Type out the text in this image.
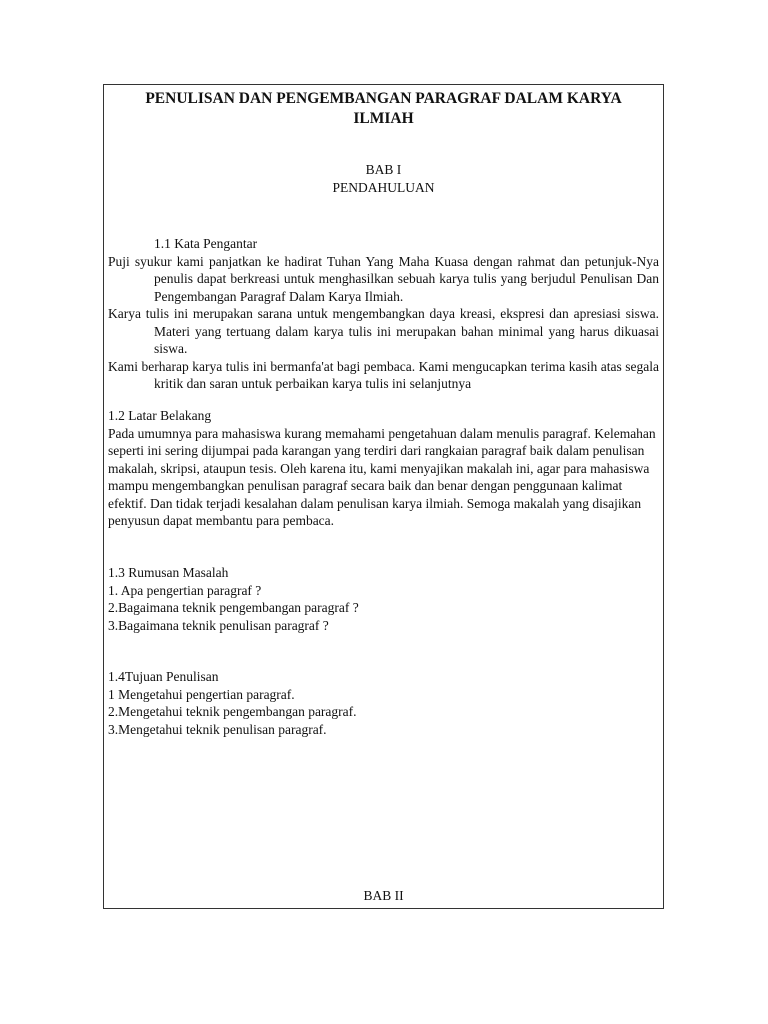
PENULISAN DAN PENGEMBANGAN PARAGRAF DALAM KARYA ILMIAH
BAB I
PENDAHULUAN
1.1 Kata Pengantar

Puji syukur kami panjatkan ke hadirat Tuhan Yang Maha Kuasa dengan rahmat dan petunjuk-Nya penulis dapat berkreasi untuk menghasilkan sebuah karya tulis yang berjudul Penulisan Dan Pengembangan Paragraf Dalam Karya Ilmiah.

Karya tulis ini merupakan sarana untuk mengembangkan daya kreasi, ekspresi dan apresiasi siswa. Materi yang tertuang dalam karya tulis ini merupakan bahan minimal yang harus dikuasai siswa.

Kami berharap karya tulis ini bermanfa'at bagi pembaca. Kami mengucapkan terima kasih atas segala kritik dan saran untuk perbaikan karya tulis ini selanjutnya

1.2 Latar Belakang

Pada umumnya para mahasiswa kurang memahami pengetahuan dalam menulis paragraf. Kelemahan seperti ini sering dijumpai pada karangan yang terdiri dari rangkaian paragraf baik dalam penulisan makalah, skripsi, ataupun tesis. Oleh karena itu, kami menyajikan makalah ini, agar para mahasiswa mampu mengembangkan penulisan paragraf secara baik dan benar dengan penggunaan kalimat efektif. Dan tidak terjadi kesalahan dalam penulisan karya ilmiah. Semoga makalah yang disajikan penyusun dapat membantu para pembaca.

1.3 Rumusan Masalah

1. Apa pengertian paragraf ?

2.Bagaimana teknik pengembangan paragraf ?

3.Bagaimana teknik penulisan paragraf ?

1.4Tujuan Penulisan

1 Mengetahui pengertian paragraf.

2.Mengetahui teknik pengembangan paragraf.

3.Mengetahui teknik penulisan paragraf.

BAB II
